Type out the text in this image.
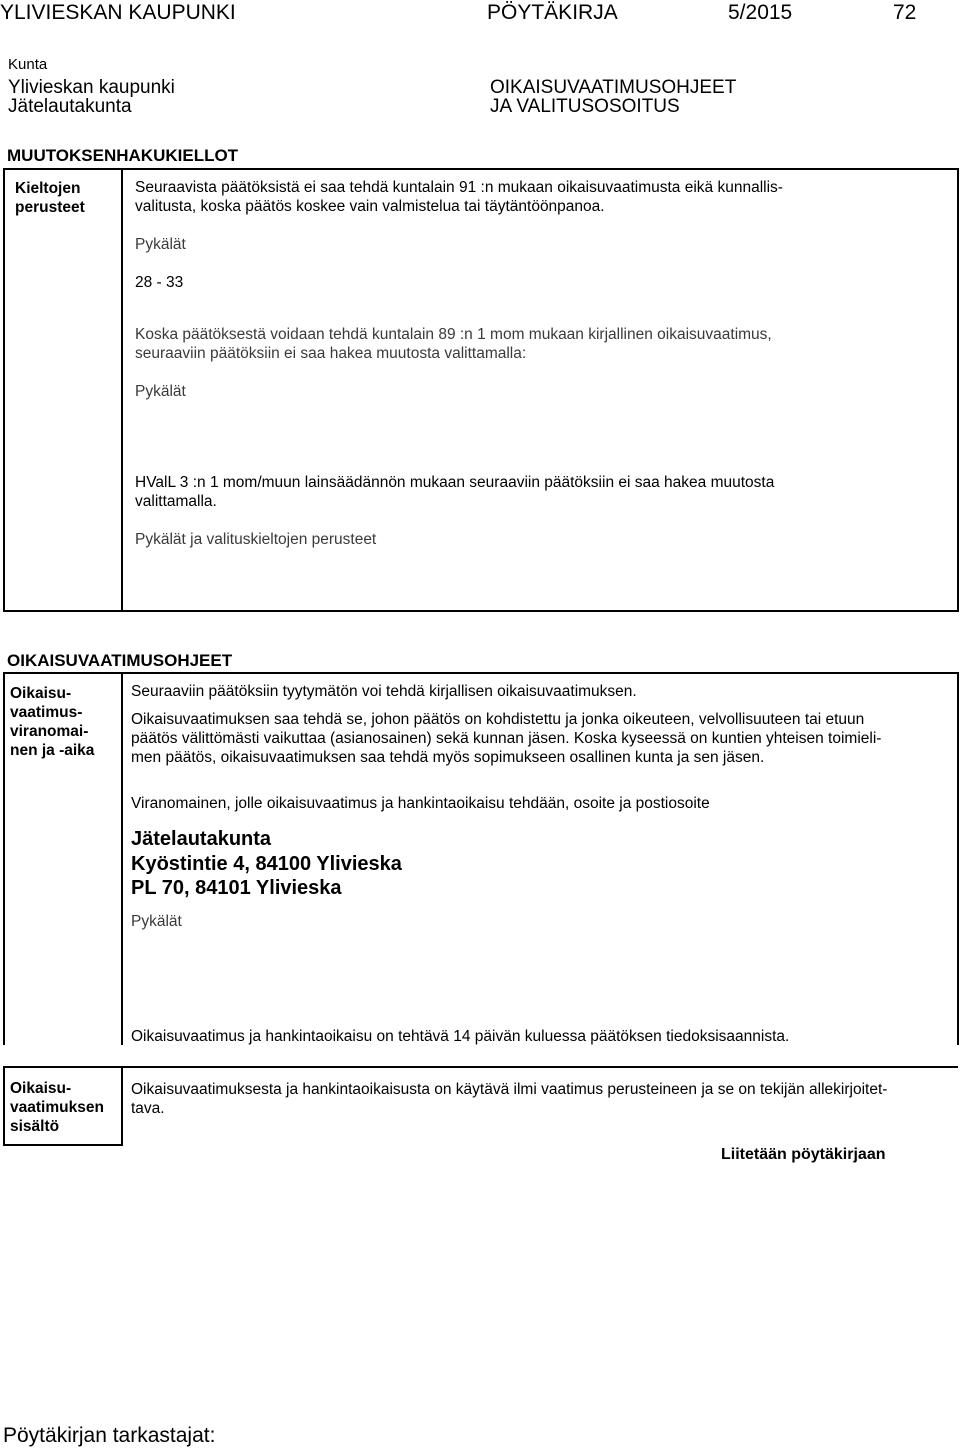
YLIVIESKAN KAUPUNKI	PÖYTÄKIRJA	5/2015	72
Kunta
Ylivieskan kaupunki
Jätelautakunta
OIKAISUVAATIMUSOHJEET
JA VALITUSOSOITUS
MUUTOKSENHAKUKIELLOT
Kieltojen perusteet
Seuraavista päätöksistä ei saa tehdä kuntalain 91 :n mukaan oikaisuvaatimusta eikä kunnallis-
valitusta, koska päätös koskee vain valmistelua tai täytäntöönpanoa.
Pykälät
28 - 33
Koska päätöksestä voidaan tehdä kuntalain 89 :n 1 mom mukaan kirjallinen oikaisuvaatimus,
seuraaviin päätöksiin ei saa hakea muutosta valittamalla:
Pykälät
HValL 3 :n 1 mom/muun lainsäädännön mukaan seuraaviin päätöksiin ei saa hakea muutosta
valittamalla.
Pykälät ja valituskieltojen perusteet
OIKAISUVAATIMUSOHJEET
Oikaisu-
vaatimus-
viranomai-
nen ja -aika
Seuraaviin päätöksiin tyytymätön voi tehdä kirjallisen oikaisuvaatimuksen.
Oikaisuvaatimuksen saa tehdä se, johon päätös on kohdistettu ja jonka oikeuteen, velvollisuuteen tai etuun
päätös välittömästi vaikuttaa (asianosainen) sekä kunnan jäsen. Koska kyseessä on kuntien yhteisen toimieli-
men päätös, oikaisuvaatimuksen saa tehdä myös sopimukseen osallinen kunta ja sen jäsen.
Viranomainen, jolle oikaisuvaatimus ja hankintaoikaisu tehdään, osoite ja postiosoite
Jätelautakunta
Kyöstintie 4, 84100 Ylivieska
PL 70, 84101 Ylivieska
Pykälät
Oikaisuvaatimus ja hankintaoikaisu on tehtävä 14 päivän kuluessa päätöksen tiedoksisaannista.
Oikaisu-
vaatimuksen
sisältö
Oikaisuvaatimuksesta ja hankintaoikaisusta on käytävä ilmi vaatimus perusteineen ja se on tekijän allekirjoitet-
tava.
Liitetään pöytäkirjaan
Pöytäkirjan tarkastajat:
